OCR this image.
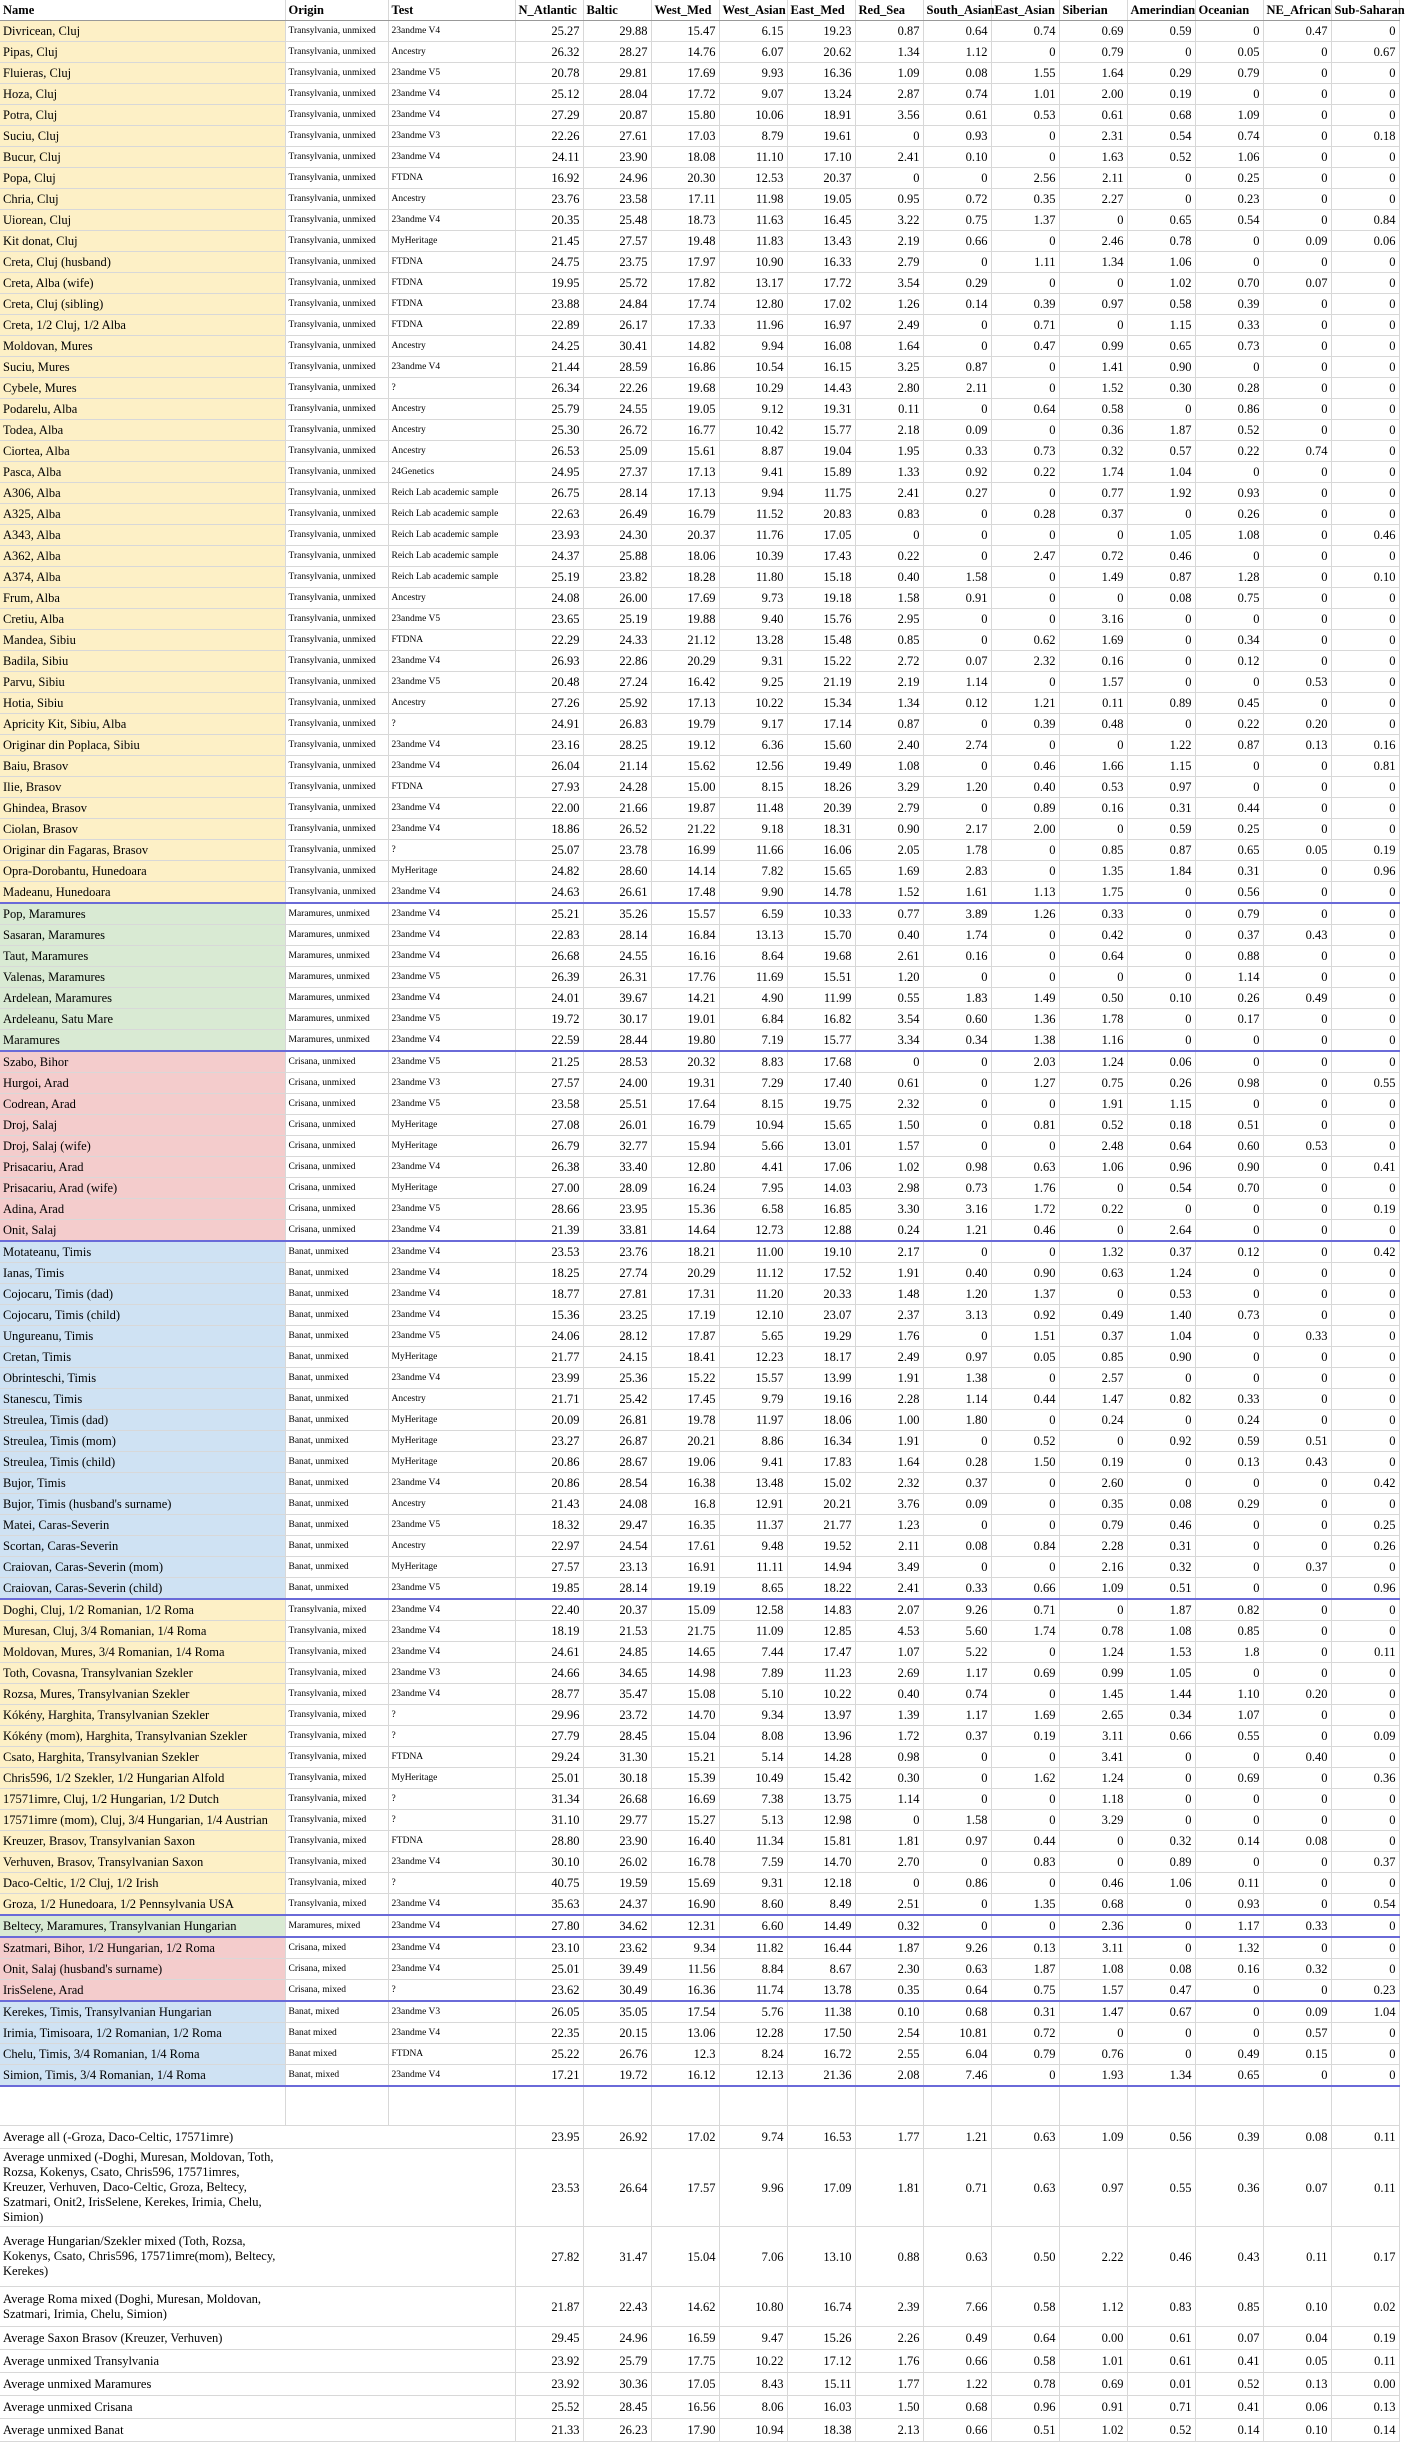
Name	Origin	Test	N_Atlantic	Baltic	West_Med	West_Asian	East_Med	Red_Sea	South_Asian	East_Asian	Siberian	Amerindian	Oceanian	NE_African	Sub-Saharan
Divricean, Cluj	Transylvania, unmixed	23andme V4	25.27	29.88	15.47	6.15	19.23	0.87	0.64	0.74	0.69	0.59	0	0.47	0
Pipas, Cluj	Transylvania, unmixed	Ancestry	26.32	28.27	14.76	6.07	20.62	1.34	1.12	0	0.79	0	0.05	0	0.67
Fluieras, Cluj	Transylvania, unmixed	23andme V5	20.78	29.81	17.69	9.93	16.36	1.09	0.08	1.55	1.64	0.29	0.79	0	0
Hoza, Cluj	Transylvania, unmixed	23andme V4	25.12	28.04	17.72	9.07	13.24	2.87	0.74	1.01	2.00	0.19	0	0	0
Potra, Cluj	Transylvania, unmixed	23andme V4	27.29	20.87	15.80	10.06	18.91	3.56	0.61	0.53	0.61	0.68	1.09	0	0
Suciu, Cluj	Transylvania, unmixed	23andme V3	22.26	27.61	17.03	8.79	19.61	0	0.93	0	2.31	0.54	0.74	0	0.18
Bucur, Cluj	Transylvania, unmixed	23andme V4	24.11	23.90	18.08	11.10	17.10	2.41	0.10	0	1.63	0.52	1.06	0	0
Popa, Cluj	Transylvania, unmixed	FTDNA	16.92	24.96	20.30	12.53	20.37	0	0	2.56	2.11	0	0.25	0	0
Chria, Cluj	Transylvania, unmixed	Ancestry	23.76	23.58	17.11	11.98	19.05	0.95	0.72	0.35	2.27	0	0.23	0	0
Uiorean, Cluj	Transylvania, unmixed	23andme V4	20.35	25.48	18.73	11.63	16.45	3.22	0.75	1.37	0	0.65	0.54	0	0.84
Kit donat, Cluj	Transylvania, unmixed	MyHeritage	21.45	27.57	19.48	11.83	13.43	2.19	0.66	0	2.46	0.78	0	0.09	0.06
Creta, Cluj (husband)	Transylvania, unmixed	FTDNA	24.75	23.75	17.97	10.90	16.33	2.79	0	1.11	1.34	1.06	0	0	0
Creta, Alba (wife)	Transylvania, unmixed	FTDNA	19.95	25.72	17.82	13.17	17.72	3.54	0.29	0	0	1.02	0.70	0.07	0
Creta, Cluj (sibling)	Transylvania, unmixed	FTDNA	23.88	24.84	17.74	12.80	17.02	1.26	0.14	0.39	0.97	0.58	0.39	0	0
Creta, 1/2 Cluj, 1/2 Alba	Transylvania, unmixed	FTDNA	22.89	26.17	17.33	11.96	16.97	2.49	0	0.71	0	1.15	0.33	0	0
Moldovan, Mures	Transylvania, unmixed	Ancestry	24.25	30.41	14.82	9.94	16.08	1.64	0	0.47	0.99	0.65	0.73	0	0
Suciu, Mures	Transylvania, unmixed	23andme V4	21.44	28.59	16.86	10.54	16.15	3.25	0.87	0	1.41	0.90	0	0	0
Cybele, Mures	Transylvania, unmixed	?	26.34	22.26	19.68	10.29	14.43	2.80	2.11	0	1.52	0.30	0.28	0	0
Podarelu, Alba	Transylvania, unmixed	Ancestry	25.79	24.55	19.05	9.12	19.31	0.11	0	0.64	0.58	0	0.86	0	0
Todea, Alba	Transylvania, unmixed	Ancestry	25.30	26.72	16.77	10.42	15.77	2.18	0.09	0	0.36	1.87	0.52	0	0
Ciortea, Alba	Transylvania, unmixed	Ancestry	26.53	25.09	15.61	8.87	19.04	1.95	0.33	0.73	0.32	0.57	0.22	0.74	0
Pasca, Alba	Transylvania, unmixed	24Genetics	24.95	27.37	17.13	9.41	15.89	1.33	0.92	0.22	1.74	1.04	0	0	0
A306, Alba	Transylvania, unmixed	Reich Lab academic sample	26.75	28.14	17.13	9.94	11.75	2.41	0.27	0	0.77	1.92	0.93	0	0
A325, Alba	Transylvania, unmixed	Reich Lab academic sample	22.63	26.49	16.79	11.52	20.83	0.83	0	0.28	0.37	0	0.26	0	0
A343, Alba	Transylvania, unmixed	Reich Lab academic sample	23.93	24.30	20.37	11.76	17.05	0	0	0	0	1.05	1.08	0	0.46
A362, Alba	Transylvania, unmixed	Reich Lab academic sample	24.37	25.88	18.06	10.39	17.43	0.22	0	2.47	0.72	0.46	0	0	0
A374, Alba	Transylvania, unmixed	Reich Lab academic sample	25.19	23.82	18.28	11.80	15.18	0.40	1.58	0	1.49	0.87	1.28	0	0.10
Frum, Alba	Transylvania, unmixed	Ancestry	24.08	26.00	17.69	9.73	19.18	1.58	0.91	0	0	0.08	0.75	0	0
Cretiu, Alba	Transylvania, unmixed	23andme V5	23.65	25.19	19.88	9.40	15.76	2.95	0	0	3.16	0	0	0	0
Mandea, Sibiu	Transylvania, unmixed	FTDNA	22.29	24.33	21.12	13.28	15.48	0.85	0	0.62	1.69	0	0.34	0	0
Badila, Sibiu	Transylvania, unmixed	23andme V4	26.93	22.86	20.29	9.31	15.22	2.72	0.07	2.32	0.16	0	0.12	0	0
Parvu, Sibiu	Transylvania, unmixed	23andme V5	20.48	27.24	16.42	9.25	21.19	2.19	1.14	0	1.57	0	0	0.53	0
Hotia, Sibiu	Transylvania, unmixed	Ancestry	27.26	25.92	17.13	10.22	15.34	1.34	0.12	1.21	0.11	0.89	0.45	0	0
Apricity Kit, Sibiu, Alba	Transylvania, unmixed	?	24.91	26.83	19.79	9.17	17.14	0.87	0	0.39	0.48	0	0.22	0.20	0
Originar din Poplaca, Sibiu	Transylvania, unmixed	23andme V4	23.16	28.25	19.12	6.36	15.60	2.40	2.74	0	0	1.22	0.87	0.13	0.16
Baiu, Brasov	Transylvania, unmixed	23andme V4	26.04	21.14	15.62	12.56	19.49	1.08	0	0.46	1.66	1.15	0	0	0.81
Ilie, Brasov	Transylvania, unmixed	FTDNA	27.93	24.28	15.00	8.15	18.26	3.29	1.20	0.40	0.53	0.97	0	0	0
Ghindea, Brasov	Transylvania, unmixed	23andme V4	22.00	21.66	19.87	11.48	20.39	2.79	0	0.89	0.16	0.31	0.44	0	0
Ciolan, Brasov	Transylvania, unmixed	23andme V4	18.86	26.52	21.22	9.18	18.31	0.90	2.17	2.00	0	0.59	0.25	0	0
Originar din Fagaras, Brasov	Transylvania, unmixed	?	25.07	23.78	16.99	11.66	16.06	2.05	1.78	0	0.85	0.87	0.65	0.05	0.19
Opra-Dorobantu, Hunedoara	Transylvania, unmixed	MyHeritage	24.82	28.60	14.14	7.82	15.65	1.69	2.83	0	1.35	1.84	0.31	0	0.96
Madeanu, Hunedoara	Transylvania, unmixed	23andme V4	24.63	26.61	17.48	9.90	14.78	1.52	1.61	1.13	1.75	0	0.56	0	0
Pop, Maramures	Maramures, unmixed	23andme V4	25.21	35.26	15.57	6.59	10.33	0.77	3.89	1.26	0.33	0	0.79	0	0
Sasaran, Maramures	Maramures, unmixed	23andme V4	22.83	28.14	16.84	13.13	15.70	0.40	1.74	0	0.42	0	0.37	0.43	0
Taut, Maramures	Maramures, unmixed	23andme V4	26.68	24.55	16.16	8.64	19.68	2.61	0.16	0	0.64	0	0.88	0	0
Valenas, Maramures	Maramures, unmixed	23andme V5	26.39	26.31	17.76	11.69	15.51	1.20	0	0	0	0	1.14	0	0
Ardelean, Maramures	Maramures, unmixed	23andme V4	24.01	39.67	14.21	4.90	11.99	0.55	1.83	1.49	0.50	0.10	0.26	0.49	0
Ardeleanu, Satu Mare	Maramures, unmixed	23andme V5	19.72	30.17	19.01	6.84	16.82	3.54	0.60	1.36	1.78	0	0.17	0	0
Maramures	Maramures, unmixed	23andme V4	22.59	28.44	19.80	7.19	15.77	3.34	0.34	1.38	1.16	0	0	0	0
Szabo, Bihor	Crisana, unmixed	23andme V5	21.25	28.53	20.32	8.83	17.68	0	0	2.03	1.24	0.06	0	0	0
Hurgoi, Arad	Crisana, unmixed	23andme V3	27.57	24.00	19.31	7.29	17.40	0.61	0	1.27	0.75	0.26	0.98	0	0.55
Codrean, Arad	Crisana, unmixed	23andme V5	23.58	25.51	17.64	8.15	19.75	2.32	0	0	1.91	1.15	0	0	0
Droj, Salaj	Crisana, unmixed	MyHeritage	27.08	26.01	16.79	10.94	15.65	1.50	0	0.81	0.52	0.18	0.51	0	0
Droj, Salaj (wife)	Crisana, unmixed	MyHeritage	26.79	32.77	15.94	5.66	13.01	1.57	0	0	2.48	0.64	0.60	0.53	0
Prisacariu, Arad	Crisana, unmixed	23andme V4	26.38	33.40	12.80	4.41	17.06	1.02	0.98	0.63	1.06	0.96	0.90	0	0.41
Prisacariu, Arad (wife)	Crisana, unmixed	MyHeritage	27.00	28.09	16.24	7.95	14.03	2.98	0.73	1.76	0	0.54	0.70	0	0
Adina, Arad	Crisana, unmixed	23andme V5	28.66	23.95	15.36	6.58	16.85	3.30	3.16	1.72	0.22	0	0	0	0.19
Onit, Salaj	Crisana, unmixed	23andme V4	21.39	33.81	14.64	12.73	12.88	0.24	1.21	0.46	0	2.64	0	0	0
Motateanu, Timis	Banat, unmixed	23andme V4	23.53	23.76	18.21	11.00	19.10	2.17	0	0	1.32	0.37	0.12	0	0.42
Ianas, Timis	Banat, unmixed	23andme V4	18.25	27.74	20.29	11.12	17.52	1.91	0.40	0.90	0.63	1.24	0	0	0
Cojocaru, Timis (dad)	Banat, unmixed	23andme V4	18.77	27.81	17.31	11.20	20.33	1.48	1.20	1.37	0	0.53	0	0	0
Cojocaru, Timis (child)	Banat, unmixed	23andme V4	15.36	23.25	17.19	12.10	23.07	2.37	3.13	0.92	0.49	1.40	0.73	0	0
Ungureanu, Timis	Banat, unmixed	23andme V5	24.06	28.12	17.87	5.65	19.29	1.76	0	1.51	0.37	1.04	0	0.33	0
Cretan, Timis	Banat, unmixed	MyHeritage	21.77	24.15	18.41	12.23	18.17	2.49	0.97	0.05	0.85	0.90	0	0	0
Obrinteschi, Timis	Banat, unmixed	23andme V4	23.99	25.36	15.22	15.57	13.99	1.91	1.38	0	2.57	0	0	0	0
Stanescu, Timis	Banat, unmixed	Ancestry	21.71	25.42	17.45	9.79	19.16	2.28	1.14	0.44	1.47	0.82	0.33	0	0
Streulea, Timis (dad)	Banat, unmixed	MyHeritage	20.09	26.81	19.78	11.97	18.06	1.00	1.80	0	0.24	0	0.24	0	0
Streulea, Timis (mom)	Banat, unmixed	MyHeritage	23.27	26.87	20.21	8.86	16.34	1.91	0	0.52	0	0.92	0.59	0.51	0
Streulea, Timis (child)	Banat, unmixed	MyHeritage	20.86	28.67	19.06	9.41	17.83	1.64	0.28	1.50	0.19	0	0.13	0.43	0
Bujor, Timis	Banat, unmixed	23andme V4	20.86	28.54	16.38	13.48	15.02	2.32	0.37	0	2.60	0	0	0	0.42
Bujor, Timis (husband's surname)	Banat, unmixed	Ancestry	21.43	24.08	16.8	12.91	20.21	3.76	0.09	0	0.35	0.08	0.29	0	0
Matei, Caras-Severin	Banat, unmixed	23andme V5	18.32	29.47	16.35	11.37	21.77	1.23	0	0	0.79	0.46	0	0	0.25
Scortan, Caras-Severin	Banat, unmixed	Ancestry	22.97	24.54	17.61	9.48	19.52	2.11	0.08	0.84	2.28	0.31	0	0	0.26
Craiovan, Caras-Severin (mom)	Banat, unmixed	MyHeritage	27.57	23.13	16.91	11.11	14.94	3.49	0	0	2.16	0.32	0	0.37	0
Craiovan, Caras-Severin (child)	Banat, unmixed	23andme V5	19.85	28.14	19.19	8.65	18.22	2.41	0.33	0.66	1.09	0.51	0	0	0.96
Doghi, Cluj, 1/2 Romanian, 1/2 Roma	Transylvania, mixed	23andme V4	22.40	20.37	15.09	12.58	14.83	2.07	9.26	0.71	0	1.87	0.82	0	0
Muresan, Cluj, 3/4 Romanian, 1/4 Roma	Transylvania, mixed	23andme V4	18.19	21.53	21.75	11.09	12.85	4.53	5.60	1.74	0.78	1.08	0.85	0	0
Moldovan, Mures, 3/4 Romanian, 1/4 Roma	Transylvania, mixed	23andme V4	24.61	24.85	14.65	7.44	17.47	1.07	5.22	0	1.24	1.53	1.8	0	0.11
Toth, Covasna, Transylvanian Szekler	Transylvania, mixed	23andme V3	24.66	34.65	14.98	7.89	11.23	2.69	1.17	0.69	0.99	1.05	0	0	0
Rozsa, Mures, Transylvanian Szekler	Transylvania, mixed	23andme V4	28.77	35.47	15.08	5.10	10.22	0.40	0.74	0	1.45	1.44	1.10	0.20	0
Kókény, Harghita, Transylvanian Szekler	Transylvania, mixed	?	29.96	23.72	14.70	9.34	13.97	1.39	1.17	1.69	2.65	0.34	1.07	0	0
Kókény (mom), Harghita, Transylvanian Szekler	Transylvania, mixed	?	27.79	28.45	15.04	8.08	13.96	1.72	0.37	0.19	3.11	0.66	0.55	0	0.09
Csato, Harghita, Transylvanian Szekler	Transylvania, mixed	FTDNA	29.24	31.30	15.21	5.14	14.28	0.98	0	0	3.41	0	0	0.40	0
Chris596, 1/2 Szekler, 1/2 Hungarian Alfold	Transylvania, mixed	MyHeritage	25.01	30.18	15.39	10.49	15.42	0.30	0	1.62	1.24	0	0.69	0	0.36
17571imre, Cluj, 1/2 Hungarian, 1/2 Dutch	Transylvania, mixed	?	31.34	26.68	16.69	7.38	13.75	1.14	0	0	1.18	0	0	0	0
17571imre (mom), Cluj, 3/4 Hungarian, 1/4 Austrian	Transylvania, mixed	?	31.10	29.77	15.27	5.13	12.98	0	1.58	0	3.29	0	0	0	0
Kreuzer, Brasov, Transylvanian Saxon	Transylvania, mixed	FTDNA	28.80	23.90	16.40	11.34	15.81	1.81	0.97	0.44	0	0.32	0.14	0.08	0
Verhuven, Brasov, Transylvanian Saxon	Transylvania, mixed	23andme V4	30.10	26.02	16.78	7.59	14.70	2.70	0	0.83	0	0.89	0	0	0.37
Daco-Celtic, 1/2 Cluj, 1/2 Irish	Transylvania, mixed	?	40.75	19.59	15.69	9.31	12.18	0	0.86	0	0.46	1.06	0.11	0	0
Groza, 1/2 Hunedoara, 1/2 Pennsylvania USA	Transylvania, mixed	23andme V4	35.63	24.37	16.90	8.60	8.49	2.51	0	1.35	0.68	0	0.93	0	0.54
Beltecy, Maramures, Transylvanian Hungarian	Maramures, mixed	23andme V4	27.80	34.62	12.31	6.60	14.49	0.32	0	0	2.36	0	1.17	0.33	0
Szatmari, Bihor, 1/2 Hungarian, 1/2 Roma	Crisana, mixed	23andme V4	23.10	23.62	9.34	11.82	16.44	1.87	9.26	0.13	3.11	0	1.32	0	0
Onit, Salaj (husband's surname)	Crisana, mixed	23andme V4	25.01	39.49	11.56	8.84	8.67	2.30	0.63	1.87	1.08	0.08	0.16	0.32	0
IrisSelene, Arad	Crisana, mixed	?	23.62	30.49	16.36	11.74	13.78	0.35	0.64	0.75	1.57	0.47	0	0	0.23
Kerekes, Timis, Transylvanian Hungarian	Banat, mixed	23andme V3	26.05	35.05	17.54	5.76	11.38	0.10	0.68	0.31	1.47	0.67	0	0.09	1.04
Irimia, Timisoara, 1/2 Romanian, 1/2 Roma	Banat mixed	23andme V4	22.35	20.15	13.06	12.28	17.50	2.54	10.81	0.72	0	0	0	0.57	0
Chelu, Timis, 3/4 Romanian, 1/4 Roma	Banat mixed	FTDNA	25.22	26.76	12.3	8.24	16.72	2.55	6.04	0.79	0.76	0	0.49	0.15	0
Simion, Timis, 3/4 Romanian, 1/4 Roma	Banat, mixed	23andme V4	17.21	19.72	16.12	12.13	21.36	2.08	7.46	0	1.93	1.34	0.65	0	0

Average all (-Groza, Daco-Celtic, 17571imre)			23.95	26.92	17.02	9.74	16.53	1.77	1.21	0.63	1.09	0.56	0.39	0.08	0.11

Average unmixed (-Doghi, Muresan, Moldovan, Toth, Rozsa, Kokenys, Csato, Chris596, 17571imres, Kreuzer, Verhuven, Daco-Celtic, Groza, Beltecy, Szatmari, Onit2, IrisSelene, Kerekes, Irimia, Chelu, Simion)			23.53	26.64	17.57	9.96	17.09	1.81	0.71	0.63	0.97	0.55	0.36	0.07	0.11

Average Hungarian/Szekler mixed (Toth, Rozsa, Kokenys, Csato, Chris596, 17571imre(mom), Beltecy, Kerekes)			27.82	31.47	15.04	7.06	13.10	0.88	0.63	0.50	2.22	0.46	0.43	0.11	0.17

Average Roma mixed (Doghi, Muresan, Moldovan, Szatmari, Irimia, Chelu, Simion)			21.87	22.43	14.62	10.80	16.74	2.39	7.66	0.58	1.12	0.83	0.85	0.10	0.02

Average Saxon Brasov (Kreuzer, Verhuven)			29.45	24.96	16.59	9.47	15.26	2.26	0.49	0.64	0.00	0.61	0.07	0.04	0.19

Average unmixed Transylvania			23.92	25.79	17.75	10.22	17.12	1.76	0.66	0.58	1.01	0.61	0.41	0.05	0.11

Average unmixed Maramures			23.92	30.36	17.05	8.43	15.11	1.77	1.22	0.78	0.69	0.01	0.52	0.13	0.00

Average unmixed Crisana			25.52	28.45	16.56	8.06	16.03	1.50	0.68	0.96	0.91	0.71	0.41	0.06	0.13

Average unmixed Banat			21.33	26.23	17.90	10.94	18.38	2.13	0.66	0.51	1.02	0.52	0.14	0.10	0.14
